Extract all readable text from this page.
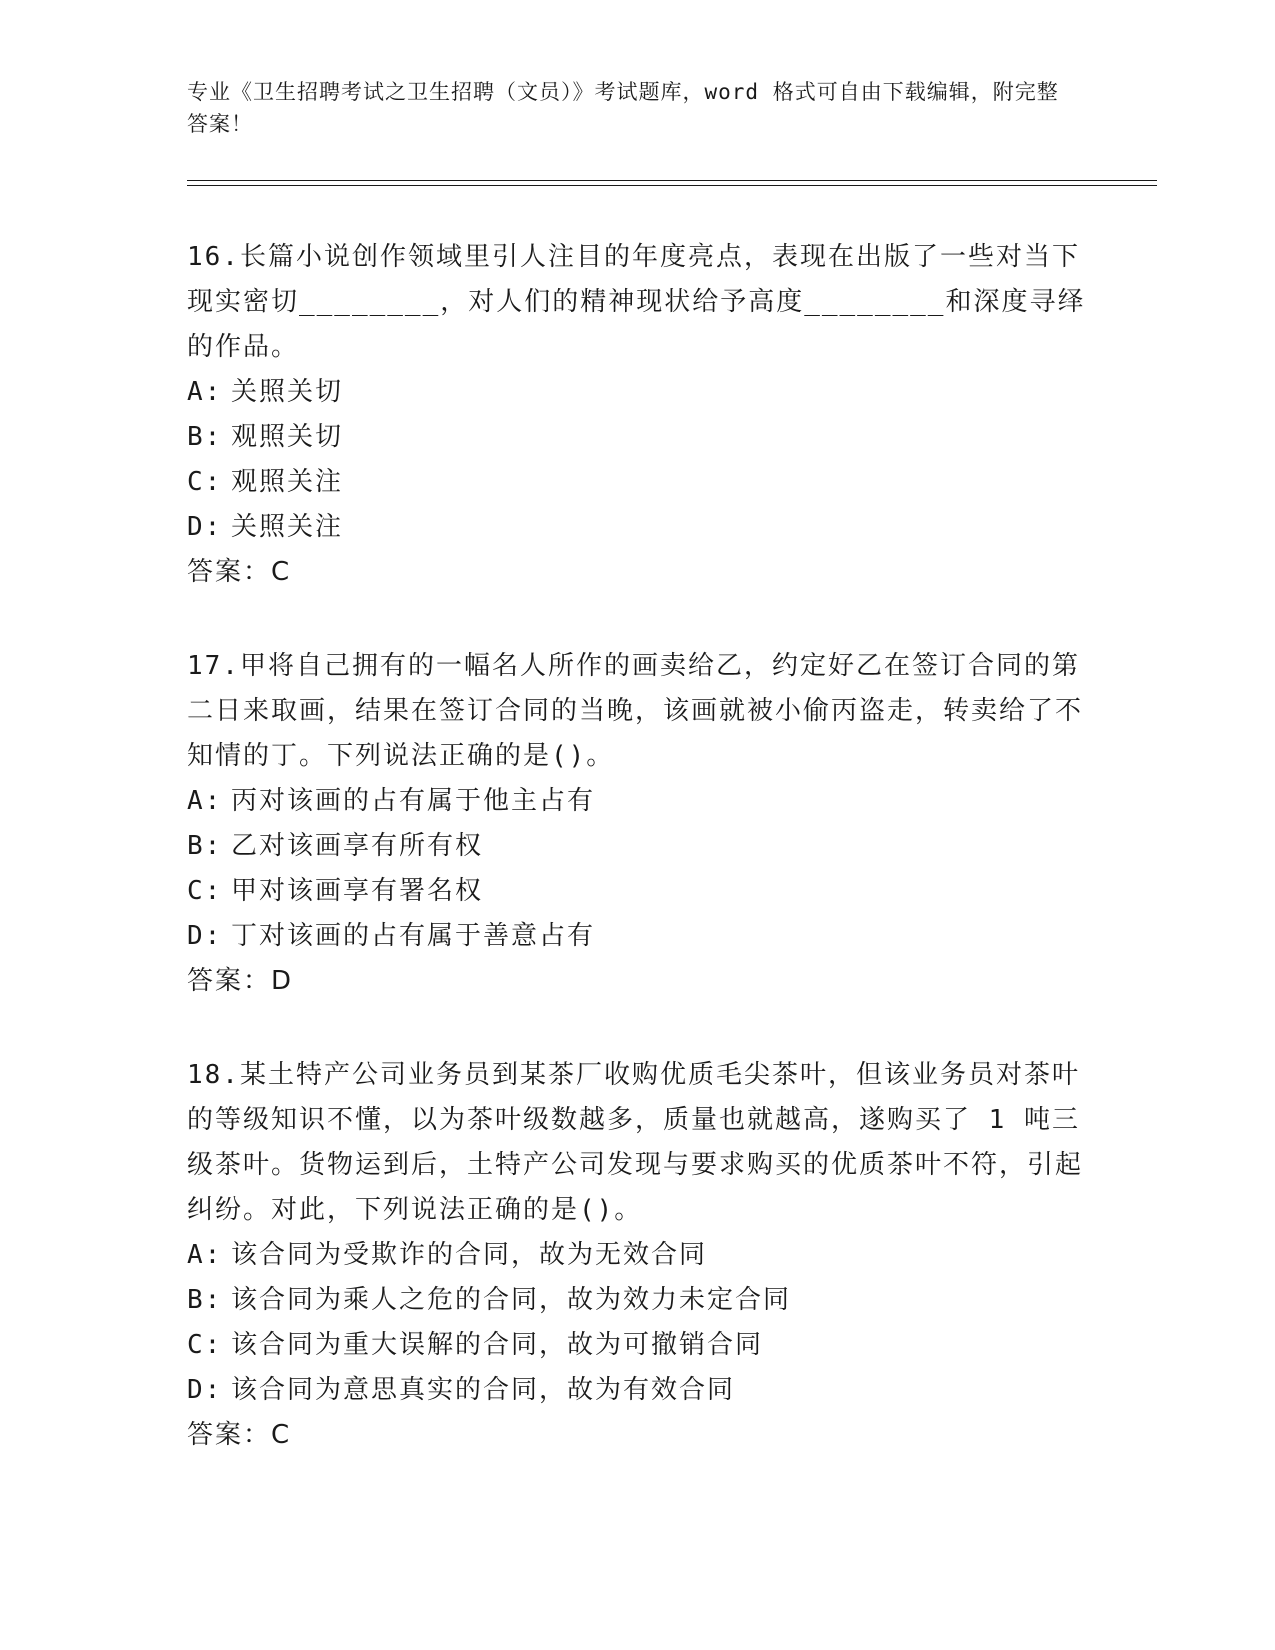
专业《卫生招聘考试之卫生招聘（文员）》考试题库，word 格式可自由下载编辑，附完整答案！

16.长篇小说创作领域里引人注目的年度亮点，表现在出版了一些对当下现实密切________，对人们的精神现状给予高度________和深度寻绎的作品。

A: 关照关切

B: 观照关切

C: 观照关注

D: 关照关注

答案：C

17.甲将自己拥有的一幅名人所作的画卖给乙，约定好乙在签订合同的第二日来取画，结果在签订合同的当晚，该画就被小偷丙盗走，转卖给了不知情的丁。下列说法正确的是()。

A: 丙对该画的占有属于他主占有

B: 乙对该画享有所有权

C: 甲对该画享有署名权

D: 丁对该画的占有属于善意占有

答案：D

18.某土特产公司业务员到某茶厂收购优质毛尖茶叶，但该业务员对茶叶的等级知识不懂，以为茶叶级数越多，质量也就越高，遂购买了 1 吨三级茶叶。货物运到后，土特产公司发现与要求购买的优质茶叶不符，引起纠纷。对此，下列说法正确的是()。

A: 该合同为受欺诈的合同，故为无效合同

B: 该合同为乘人之危的合同，故为效力未定合同

C: 该合同为重大误解的合同，故为可撤销合同

D: 该合同为意思真实的合同，故为有效合同

答案：C
